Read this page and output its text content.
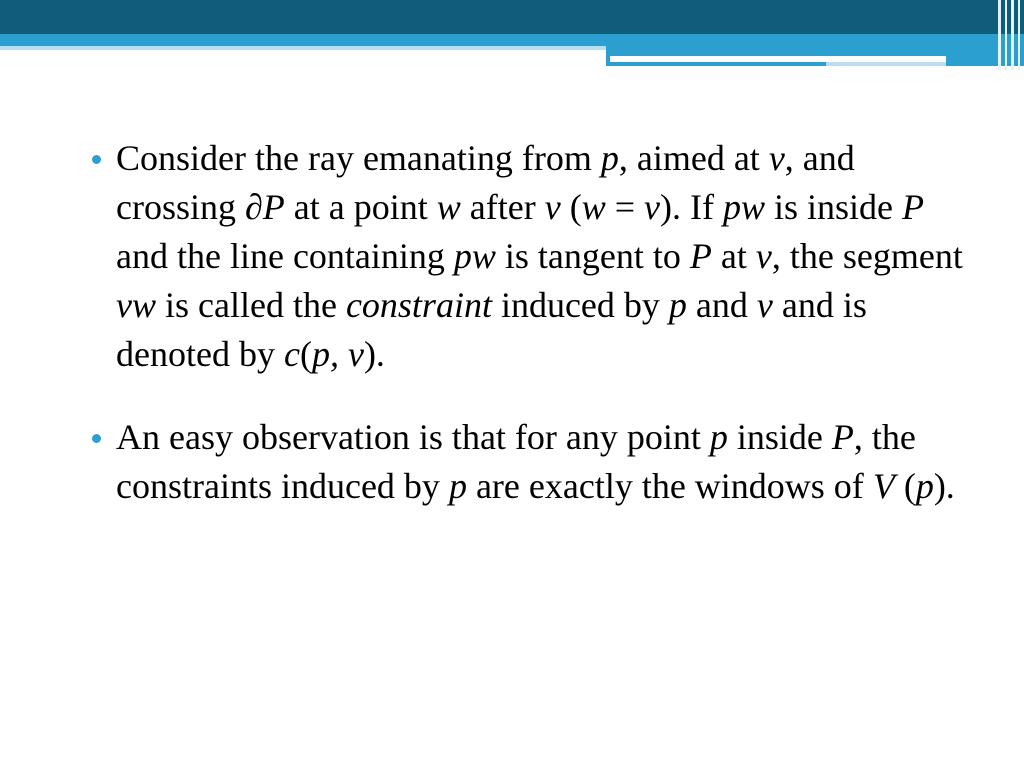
Consider the ray emanating from p, aimed at v, and crossing ∂P at a point w after v (w = v). If pw is inside P and the line containing pw is tangent to P at v, the segment vw is called the constraint induced by p and v and is denoted by c(p, v).
An easy observation is that for any point p inside P, the constraints induced by p are exactly the windows of V (p).
